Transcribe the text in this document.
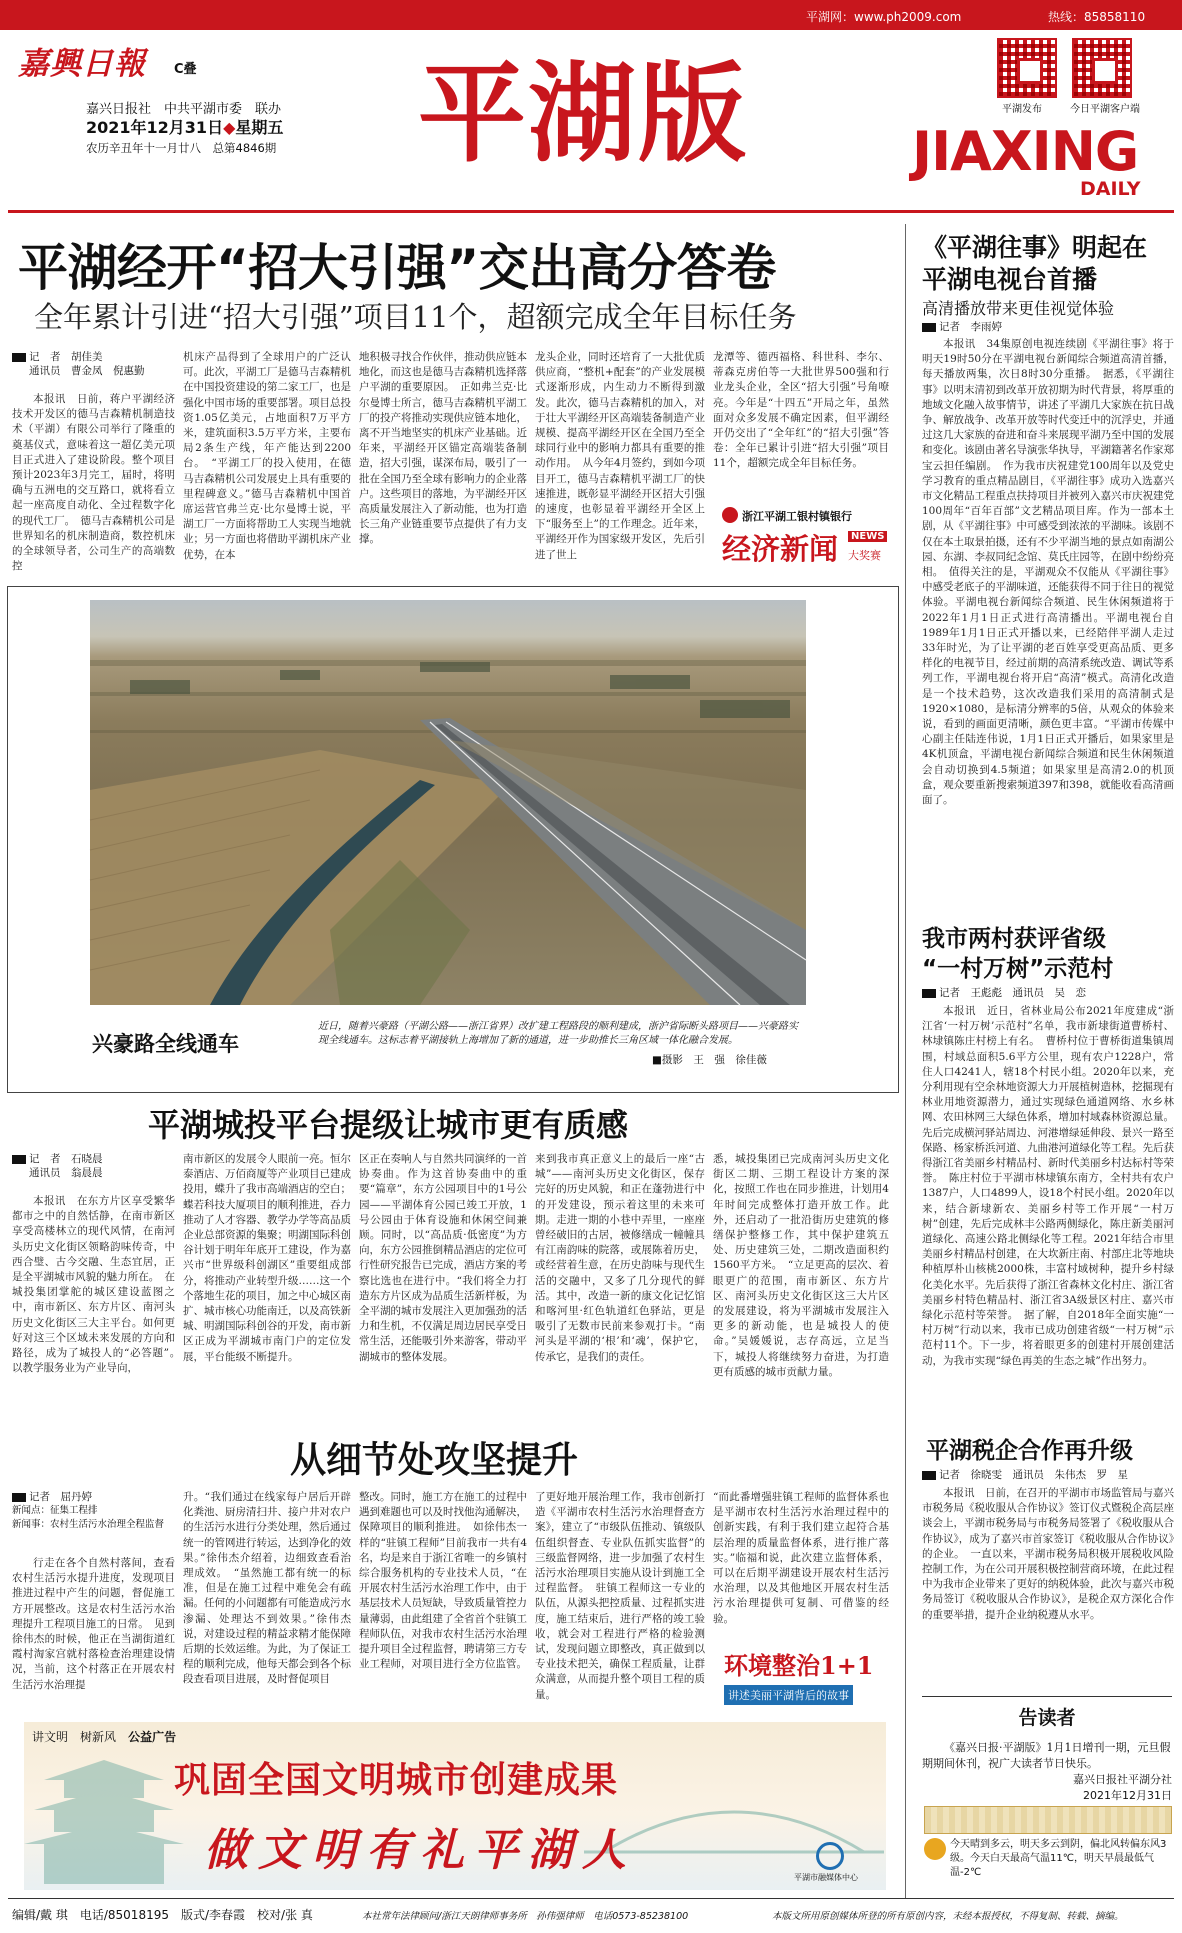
平湖网：www.ph2009.com	热线：85858110
嘉興日報 C叠
嘉兴日报社　中共平湖市委　联办
2021年12月31日◆星期五
农历辛丑年十一月廿八　总第4846期 平湖版	平湖发布	今日平湖客户端
JIAXING
DAILY
平湖经开“招大引强”交出高分答卷
全年累计引进“招大引强”项目11个，超额完成全年目标任务
记　者　胡佳美
通讯员　曹金凤　倪惠勤

本报讯　日前，蒋户平湖经济技术开发区的德马吉森精机制造技术（平湖）有限公司举行了隆重的奠基仪式，意味着这一超亿美元项目正式进入了建设阶段。整个项目预计2023年3月完工，届时，将明确与五洲电的交互路口，就将看立起一座高度自动化、全过程数字化的现代工厂。　德马吉森精机公司是世界知名的机床制造商，数控机床的全球领导者，公司生产的高端数控

机床产品得到了全球用户的广泛认可。此次，平湖工厂是德马吉森精机在中国投资建设的第二家工厂，也是强化中国市场的重要部署。项目总投资1.05亿美元，占地面积7万平方米，建筑面积3.5万平方米，主要布局2条生产线，年产能达到2200台。　“平湖工厂的投入使用，在德马吉森精机公司发展史上具有重要的里程碑意义。”德马吉森精机中国首席运营官弗兰克·比尔曼博士说，平湖工厂一方面将帮助工人实现当地就业；另一方面也将借助平湖机床产业优势，在本

地积极寻找合作伙伴，推动供应链本地化，而这也是德马吉森精机选择落户平湖的重要原因。　正如弗兰克·比尔曼博士所言，德马吉森精机平湖工厂的投产将推动实现供应链本地化，离不开当地坚实的机床产业基础。近年来，平湖经开区锚定高端装备制造，招大引强，谋深布局，吸引了一批在全国乃至全球有影响力的企业落户。这些项目的落地，为平湖经开区高质量发展注入了新动能，也为打造长三角产业链重要节点提供了有力支撑。

龙头企业，同时还培育了一大批优质供应商，“整机+配套”的产业发展模式逐渐形成，内生动力不断得到激发。此次，德马吉森精机的加入，对于壮大平湖经开区高端装备制造产业规模、提高平湖经开区在全国乃至全球同行业中的影响力都具有重要的推动作用。　从今年4月签约，到如今项目开工，德马吉森精机平湖工厂的快速推进，既彰显平湖经开区招大引强的速度，也彰显着平湖经开全区上下“服务至上”的工作理念。近年来，平湖经开作为国家级开发区，先后引进了世上

龙潭等、德西福格、科世科、李尔、蒂森克虏伯等一大批世界500强和行业龙头企业，全区“招大引强”号角嘹亮。今年是“十四五”开局之年，虽然面对众多发展不确定因素，但平湖经开仍交出了“全年红”的“招大引强”答卷：全年已累计引进“招大引强”项目11个，超额完成全年目标任务。

浙江平湖工银村镇银行
经济新闻	NEWS
大奖赛
兴豪路全线通车
近日，随着兴豪路（平湖公路——浙江省界）改扩建工程路段的顺利建成，浙沪省际断头路项目——兴豪路实现全线通车。这标志着平湖接轨上海增加了新的通道，进一步助推长三角区域一体化融合发展。
■摄影　王　强　徐佳薇
平湖城投平台提级让城市更有质感
记　者　石晓晨
通讯员　翁晨晨

本报讯　在东方片区享受繁华都市之中的自然恬静，在南市新区享受高楼林立的现代风情，在南河头历史文化街区领略韵味传奇，中西合璧、古今交融、生态宜居，正是全平湖城市风貌的魅力所在。　在城投集团掌舵的城区建设蓝图之中，南市新区、东方片区、南河头历史文化街区三大主平台。如何更好对这三个区域未来发展的方向和路径，成为了城投人的“必答题”。　以教学服务业为产业导向，

南市新区的发展令人眼前一亮。恒尔泰酒店、万佰商厦等产业项目已建成投用，蝶升了我市高端酒店的空白；蝶若科技大厦项目的顺利推进，吞力推动了人才容器、教学办学等高品质企业总部资源的集聚；明湖国际科创谷计划于明年年底开工建设，作为嘉兴市“世界级科创湖区”重要组成部分，将推动产业转型升级……这一个个落地生花的项目，加之中心城区南扩、城市核心功能南迁，以及高铁新城、明湖国际科创谷的开发，南市新区正成为平湖城市南门户的定位发展，平台能级不断提升。

区正在奏响人与自然共同演绎的一首协奏曲。作为这首协奏曲中的重要“篇章”，东方公园项目中的1号公园——平湖体育公园已竣工开放，1号公园由于体育设施和休闲空间兼顾。同时，以“高品质·低密度”为方向，东方公园推倒精品酒店的定位可行性研究报告已完成，酒店方案的考察比选也在进行中。“我们将全力打造东方片区成为品质生活新样板，为全平湖的城市发展注入更加强劲的活力和生机，不仅满足周边居民享受日常生活，还能吸引外来游客，带动平湖城市的整体发展。

来到我市真正意义上的最后一座“古城”——南河头历史文化街区，保存完好的历史风貌，和正在蓬勃进行中的开发建设，预示着这里的未来可期。走进一期的小巷中弄里，一座座曾经破旧的古居，被修缮成一幢幢具有江南韵味的院落，或展陈着历史，或经营着生意，在历史韵味与现代生活的交融中，又多了几分现代的鲜活。其中，改造一新的康文化记忆馆和喀河里·红色轨道红色驿站，更是吸引了无数市民前来参观打卡。“南河头是平湖的‘根’和‘魂’，保护它，传承它，是我们的责任。

悉，城投集团已完成南河头历史文化街区二期、三期工程设计方案的深化，按照工作也在同步推进，计划用4年时间完成整体打造开放工作。此外，还启动了一批沿街历史建筑的修缮保护整修工作，其中保护建筑五处、历史建筑三处，二期改造面积约1560平方米。　“立足更高的层次、着眼更广的范围，南市新区、东方片区、南河头历史文化街区这三大片区的发展建设，将为平湖城市发展注入更多的新动能，也是城投人的使命。”吴媛媛说，志存高远，立足当下，城投人将继续努力奋进，为打造更有质感的城市贡献力量。

从细节处攻坚提升
记者　屈丹婷
新闻点：征集工程排
新闻事：农村生活污水治理全程监督

行走在各个自然村落间，查看农村生活污水提升进度，发现项目推进过程中产生的问题，督促施工方开展整改。这是农村生活污水治理提升工程项目施工的日常。　见到徐伟杰的时候，他正在当湖街道红霞村淘家宫就村落检查治理建设情况，当前，这个村落正在开展农村生活污水治理提

升。“我们通过在线家每户居后开辟化粪池、厨房清扫井、接户井对农户的生活污水进行分类处理，然后通过统一的管网进行转运，达到净化的效果。”徐伟杰介绍着，边细致查看治理成效。　“虽然施工都有统一的标准，但是在施工过程中难免会有疏漏。任何的小问题都有可能造成污水渗漏、处理达不到效果。”徐伟杰说，对建设过程的精益求精才能保障后期的长效运维。为此，为了保证工程的顺利完成，他每天都会到各个标段查看项目进展，及时督促项目

整改。同时，施工方在施工的过程中遇到难题也可以及时找他沟通解决，保障项目的顺利推进。　如徐伟杰一样的“驻镇工程师”目前我市一共有4名，均是来自于浙江省唯一的乡镇村综合服务机构的专业技术人员，“在开展农村生活污水治理工作中，由于基层技术人员短缺，导致质量管控力量薄弱，由此组建了全省首个驻镇工程师队伍，对我市农村生活污水治理提升项目全过程监督，聘请第三方专业工程师，对项目进行全方位监管。

了更好地开展治理工作，我市创新打造《平湖市农村生活污水治理督查方案》，建立了“市级队伍推动、镇级队伍组织督查、专业队伍抓实监督”的三级监督网络，进一步加强了农村生活污水治理项目实施从设计到施工全过程监督。　驻镇工程师这一专业的队伍，从源头把控质量、过程抓实进度，施工结束后，进行严格的竣工验收，就会对工程进行严格的检验测试，发现问题立即整改，真正做到以专业技术把关，确保工程质量，让群众满意，从而提升整个项目工程的质量。

“而此番增强驻镇工程师的监督体系也是平湖市农村生活污水治理过程中的创新实践，有利于我们建立起符合基层治理的质量监督体系，进行推广落实。”临福和说，此次建立监督体系，可以在后期平湖建设开展农村生活污水治理，以及其他地区开展农村生活污水治理提供可复制、可借鉴的经验。

环境整治1+1
讲述美丽平湖背后的故事
讲文明　 树新风　 公益广告
巩固全国文明城市创建成果
做文明有礼平湖人
平湖市融媒体中心
《平湖往事》明起在
平湖电视台首播
高清播放带来更佳视觉体验
记者　李雨婷

本报讯　34集原创电视连续剧《平湖往事》将于明天19时50分在平湖电视台新闻综合频道高清首播，每天播放两集，次日8时30分重播。　据悉，《平湖往事》以明末清初到改革开放初期为时代背景，将厚重的地域文化融入故事情节，讲述了平湖几大家族在抗日战争、解放战争、改革开放等时代变迁中的沉浮史，并通过这几大家族的奋进和奋斗来展现平湖乃至中国的发展和变化。该剧由著名导演张华执导，平湖籍著名作家郑宝云担任编剧。　作为我市庆祝建党100周年以及党史学习教育的重点精品剧目，《平湖往事》成功入选嘉兴市文化精品工程重点扶持项目并被列入嘉兴市庆祝建党100周年“百年百部”文艺精品项目库。作为一部本土剧，从《平湖往事》中可感受到浓浓的平湖味。该剧不仅在本土取景拍摄，还有不少平湖当地的景点如南湖公园、东湖、李叔同纪念馆、莫氏庄园等，在剧中纷纷亮相。　值得关注的是，平湖观众不仅能从《平湖往事》中感受老底子的平湖味道，还能获得不同于往日的视觉体验。平湖电视台新闻综合频道、民生休闲频道将于2022年1月1日正式进行高清播出。平湖电视台自1989年1月1日正式开播以来，已经陪伴平湖人走过33年时光，为了让平湖的老百姓享受更高品质、更多样化的电视节目，经过前期的高清系统改造、调试等系列工作，平湖电视台将开启“高清”模式。高清化改造是一个技术趋势，这次改造我们采用的高清制式是1920×1080，是标清分辨率的5倍，从观众的体验来说，看到的画面更清晰，颜色更丰富。“平湖市传媒中心副主任陆连伟说，1月1日正式开播后，如果家里是4K机顶盒，平湖电视台新闻综合频道和民生休闲频道会自动切换到4.5频道；如果家里是高清2.0的机顶盒，观众要重新搜索频道397和398，就能收看高清画面了。

我市两村获评省级
“一村万树”示范村
记者　王彪彪　通讯员　吴　恋

本报讯　近日，省林业局公布2021年度建成“浙江省‘一村万树’示范村”名单，我市新埭街道曹桥村、林埭镇陈庄村榜上有名。　曹桥村位于曹桥街道集镇周围，村域总面积5.6平方公里，现有农户1228户，常住人口4241人，辖18个村民小组。2020年以来，充分利用现有空余林地资源大力开展植树造林，挖掘现有林业用地资源潜力，通过实现绿色通道网络、水乡林网、农田林网三大绿色体系，增加村域森林资源总量。先后完成横河驿站周边、河港增绿延伸段、景兴一路至保路、杨家桥浜河道、九曲港河道绿化等工程。先后获得浙江省美丽乡村精品村、新时代美丽乡村达标村等荣誉。　陈庄村位于平湖市林埭镇东南方，全村共有农户1387户，人口4899人，设18个村民小组。2020年以来，结合新埭新农、美丽乡村等工作开展“一村万树”创建，先后完成林丰公路两侧绿化，陈庄新美丽河道绿化、高速公路北侧绿化等工程。2021年结合市里美丽乡村精品村创建，在大坎新庄南、村部庄北等地块种植厚朴山核桃2000株，丰富村域树种，提升乡村绿化美化水平。先后获得了浙江省森林文化村庄、浙江省美丽乡村特色精品村、浙江省3A级景区村庄、嘉兴市绿化示范村等荣誉。　据了解，自2018年全面实施“一村万树”行动以来，我市已成功创建省级“一村万树”示范村11个。下一步，将着眼更多的创建村开展创建活动，为我市实现“绿色再美的生态之城”作出努力。

平湖税企合作再升级
记者　徐晓雯　通讯员　朱伟杰　罗　星

本报讯　日前，在召开的平湖市市场监管局与嘉兴市税务局《税收服从合作协议》签订仪式暨税企高层座谈会上，平湖市税务局与市税务局签署了《税收服从合作协议》，成为了嘉兴市首家签订《税收服从合作协议》的企业。　一直以来，平湖市税务局积极开展税收风险控制工作，为在公司开展积极控制营商环境，在此过程中为我市企业带来了更好的纳税体验，此次与嘉兴市税务局签订《税收服从合作协议》，是税企双方深化合作的重要举措，提升企业纳税遵从水平。

告读者
《嘉兴日报·平湖版》1月1日增刊一期，元旦假期期间休刊，祝广大读者节日快乐。
嘉兴日报社平湖分社
2021年12月31日
今天晴到多云，明天多云到阴，偏北风转偏东风3级。今天白天最高气温11℃，明天早晨最低气温-2℃
编辑/戴 琪　电话/85018195　版式/李春霞　校对/张 真	本社常年法律顾问/浙江天朗律师事务所　孙伟强律师　电话0573-85238100	本版文所用原创媒体所登的所有原创内容，未经本报授权，不得复制、转载、摘编。
